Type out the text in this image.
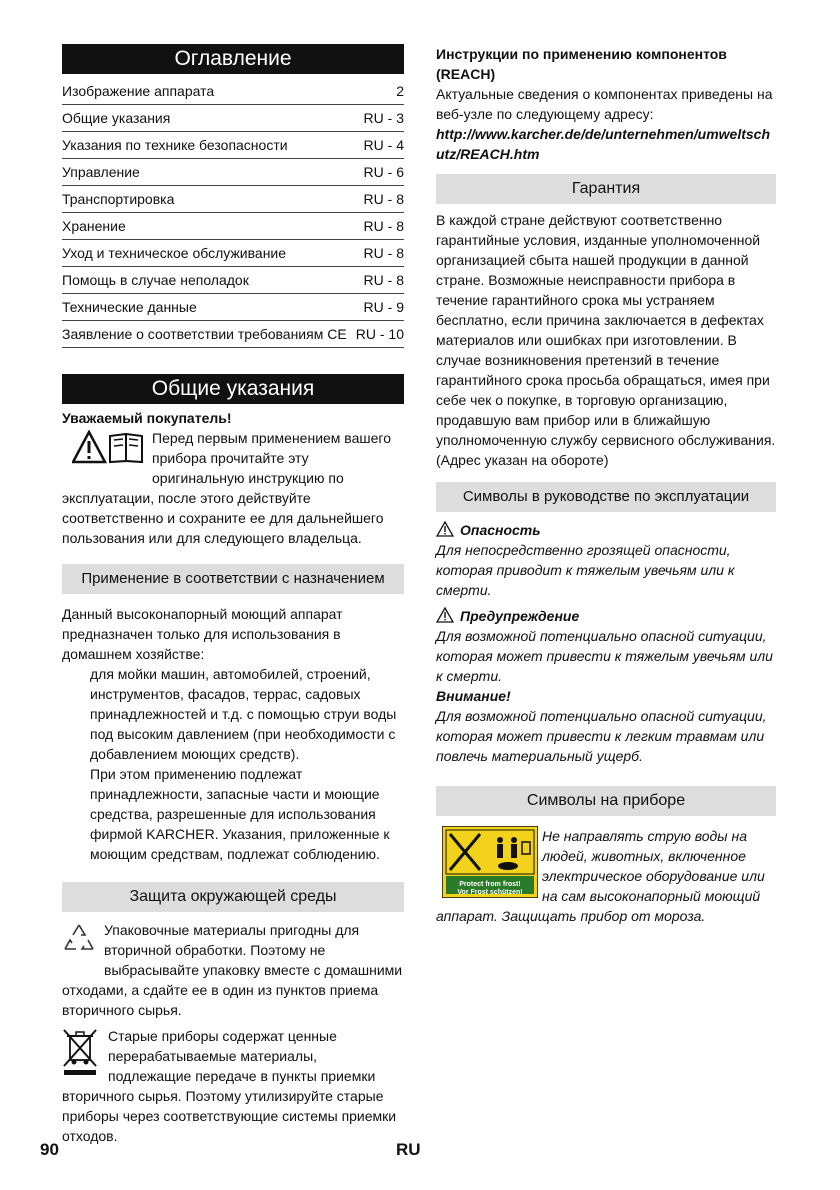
Оглавление
Изображение аппарата	2
Общие указания	RU - 3
Указания по технике безопасности	RU - 4
Управление	RU - 6
Транспортировка	RU - 8
Хранение	RU - 8
Уход и техническое обслуживание	RU - 8
Помощь в случае неполадок	RU - 8
Технические данные	RU - 9
Заявление о соответствии требованиям CE RU - 10
Общие указания

Уважаемый покупатель!

Перед первым применением вашего прибора прочитайте эту оригинальную инструкцию по эксплуатации, после этого действуйте соответственно и сохраните ее для дальнейшего пользования или для следующего владельца.

Применение в соответствии с назначением

Данный высоконапорный моющий аппарат предназначен только для использования в домашнем хозяйстве:

для мойки машин, автомобилей, строений, инструментов, фасадов, террас, садовых принадлежностей и т.д. с помощью струи воды под высоким давлением (при необходимости с добавлением моющих средств).

При этом применению подлежат принадлежности, запасные части и моющие средства, разрешенные для использования фирмой KARCHER. Указания, приложенные к моющим средствам, подлежат соблюдению.

Защита окружающей среды

Упаковочные материалы пригодны для вторичной обработки. Поэтому не выбрасывайте упаковку вместе с домашними отходами, а сдайте ее в один из пунктов приема вторичного сырья.

Старые приборы содержат ценные перерабатываемые материалы, подлежащие передаче в пункты приемки вторичного сырья. Поэтому утилизируйте старые приборы через соответствующие системы приемки отходов.

Инструкции по применению компонентов (REACH)

Актуальные сведения о компонентах приведены на веб-узле по следующему адресу:

http://www.karcher.de/de/unternehmen/umweltschutz/REACH.htm

Гарантия

В каждой стране действуют соответственно гарантийные условия, изданные уполномоченной организацией сбыта нашей продукции в данной стране. Возможные неисправности прибора в течение гарантийного срока мы устраняем бесплатно, если причина заключается в дефектах материалов или ошибках при изготовлении. В случае возникновения претензий в течение гарантийного срока просьба обращаться, имея при себе чек о покупке, в торговую организацию, продавшую вам прибор или в ближайшую уполномоченную службу сервисного обслуживания.

(Адрес указан на обороте)

Символы в руководстве по эксплуатации
Опасность

Для непосредственно грозящей опасности, которая приводит к тяжелым увечьям или к смерти.

Предупреждение

Для возможной потенциально опасной ситуации, которая может привести к тяжелым увечьям или к смерти.

Внимание!

Для возможной потенциально опасной ситуации, которая может привести к легким травмам или повлечь материальный ущерб.

Символы на приборе
Protect from frost!
Vor Frost schützen!

Не направлять струю воды на людей, животных, включенное электрическое оборудование или на сам высоконапорный моющий аппарат. Защищать прибор от мороза.

90	RU
